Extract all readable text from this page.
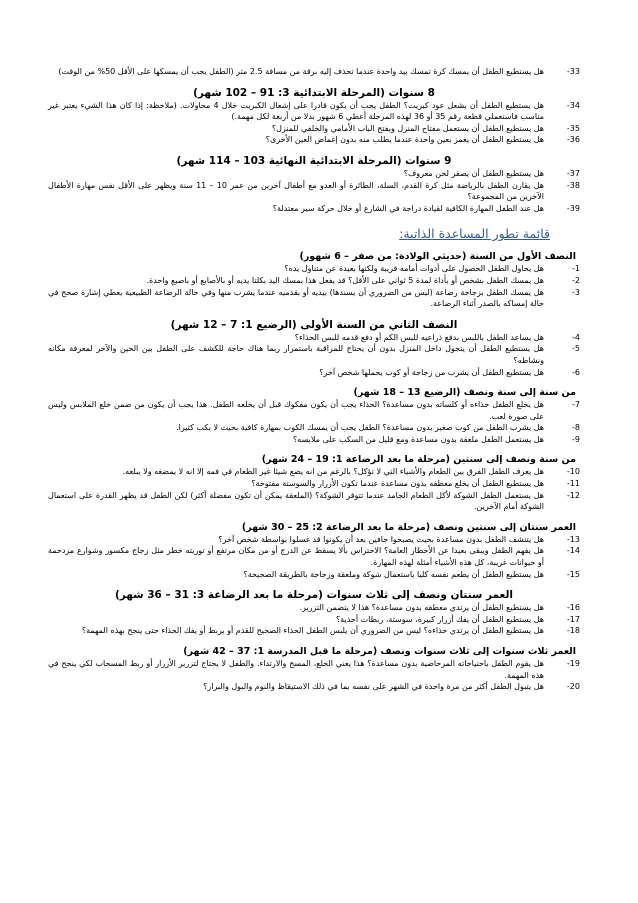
-33
هل يستطيع الطفل أن يمسك كرة تمسك بيد واحدة عندما تحذف إليه برقة من مسافة 2.5 متر (الطفل يجب أن يمسكها على الأقل 50% من الوقت)
8 سنوات (المرحلة الابتدائية 3: 91 – 102 شهر)
-34
هل يستطيع الطفل أن يشعل عود كبريت؟ الطفل يجب أن يكون قادرا على إشعال الكبريت خلال 4 محاولات. (ملاحظة: إذا كان هذا الشيء يعتبر غير مناسب فاستعملي قطعة رقم 35 أو 36 لهذه المرحلة أعطي 6 شهور بدلا من أربعة لكل مهمة.)
-35
هل يستطيع الطفل أن يستعمل مفتاح المنزل ويفتح الباب الأمامي والخلفي للمنزل؟
-36
هل يستطيع الطفل أن يغمز بعين واحدة عندما يطلب منه بدون إغماض العين الأخرى؟
9 سنوات (المرحلة الابتدائية النهائية 103 – 114 شهر)
-37
هل يستطيع الطفل أن يصفر لحن معروف؟
-38
هل يقارن الطفل بالرياضة مثل كرة القدم، السلة، الطائرة أو العدو مع أطفال آخرين من عمر 10 – 11 سنة ويظهر على الأقل نفس مهارة الأطفال الآخرين من المجموعة؟
-39
هل عند الطفل المهارة الكافية لقيادة دراجة في الشارع أو خلال حركة سير معتدلة؟
قائمة تطور المساعدة الذاتية:
النصف الأول من السنة (حديثي الولادة: من صفر – 6 شهور)
-1
هل يحاول الطفل الحصول على أدوات أمامه قريبة ولكنها بعيدة عن متناول يده؟
-2
هل يمسك الطفل بشخص أو بأداة لمدة 5 ثواني على الأقل؟ قد يفعل هذا بمسك اليد بكلتا يديه أو بالأصابع أو باصبع واحدة.
-3
هل يمسك الطفل بزجاجة رضاعة (ليس من الضروري أن يسندها) بيديه أو بقدميه عندما يشرب منها وفي حالة الرضاعة الطبيعية يعطي إشارة صحح في حالة إمساكه بالصدر أثناء الرضاعة.
النصف الثاني من السنة الأولى (الرضيع 1: 7 – 12 شهر)
-4
هل يساعد الطفل باللبس بدفع ذراعيه للبس الكم أو دفع قدمه للبس الحذاء؟
-5
هل يستطيع الطفل أن يتجول داخل المنزل بدون أن يحتاج للمراقبة باستمرار ربما هناك حاجة للكشف على الطفل بين الحين والآخر لمعرفة مكانه ونشاطه؟
-6
هل يستطيع الطفل أن يشرب من زجاجة أو كوب يحملها شخص آخر؟
من سنة إلى سنة ونصف (الرضيع 13 – 18 شهر)
-7
هل يخلع الطفل حذاءه أو كلساته بدون مساعدة؟ الحذاء يجب أن يكون مفكوك قبل أن يخلعه الطفل. هذا يجب أن يكون من ضمن خلع الملابس وليس على صورة لعب.
-8
هل يشرب الطفل من كوب صغير بدون مساعدة؟ الطفل يجب أن يمسك الكوب بمهارة كافية بحيث لا يكب كثيرا.
-9
هل يستعمل الطفل ملعقة بدون مساعدة ومع قليل من السكب على ملابسه؟
من سنة ونصف إلى سنتين (مرحلة ما بعد الرضاعة 1: 19 – 24 شهر)
-10
هل يعرف الطفل الفرق بين الطعام والأشياء التي لا تؤكل؟ بالرغم من انه يضع شيئا غير الطعام في فمه إلا انه لا يمضغه ولا يبلعه.
-11
هل يستطيع الطفل أن يخلع معطفه بدون مساعدة عندما تكون الأزرار والسوستة مفتوحة؟
-12
هل يستعمل الطفل الشوكة لأكل الطعام الجامد عندما تتوفر الشوكة؟ (الملعقة يمكن أن تكون مفضلة أكثر) لكن الطفل قد يظهر القدرة على استعمال الشوكة أمام الآخرين.
العمر سنتان إلى سنتين ونصف (مرحلة ما بعد الرضاعة 2: 25 – 30 شهر)
-13
هل يتنشف الطفل بدون مساعدة بحيث يصبحوا جافين بعد أن يكونوا قد غسلوا بواسطة شخص آخر؟
-14
هل يفهم الطفل ويبقى بعيدا عن الأخطار العامة؟ الاحتراس بألا يسقط عن الدرج أو من مكان مرتفع أو توريته خطر مثل زجاج مكسور وشوارع مزدحمة أو حيوانات غريبة، كل هذه الأشياء أمثلة لهذه المهارة.
-15
هل يستطيع الطفل أن يطعم نفسه كليا باستعمال شوكة وملعقة وزجاجة بالطريقة الصحيحة؟
العمر سنتان ونصف إلى ثلاث سنوات (مرحلة ما بعد الرضاعة 3: 31 – 36 شهر)
-16
هل يستطيع الطفل أن يرتدي معطفه بدون مساعدة؟ هذا لا يتضمن التزرير.
-17
هل يستطيع الطفل أن يفك أزرار كبيرة، سوستة، ربطات أحذية؟
-18
هل يستطيع الطفل أن يرتدي حذاءه؟ ليس من الضروري أن يلبس الطفل الحذاء الصحيح للقدم أو يربط أو يفك الحذاء حتى ينجح بهذه المهمة؟
العمر ثلاث سنوات إلى ثلاث سنوات ونصف (مرحلة ما قبل المدرسة 1: 37 – 42 شهر)
-19
هل يقوم الطفل باحتياجاته المرحاضية بدون مساعدة؟ هذا يعني الخلع، المسح والارتداء. والطفل لا يحتاج لتزرير الأزرار أو ربط المسحاب لكي ينجح في هذه المهمة.
-20
هل يتبول الطفل أكثر من مرة واحدة في الشهر على نفسه بما في ذلك الاستيقاظ والنوم والبول والبراز؟
